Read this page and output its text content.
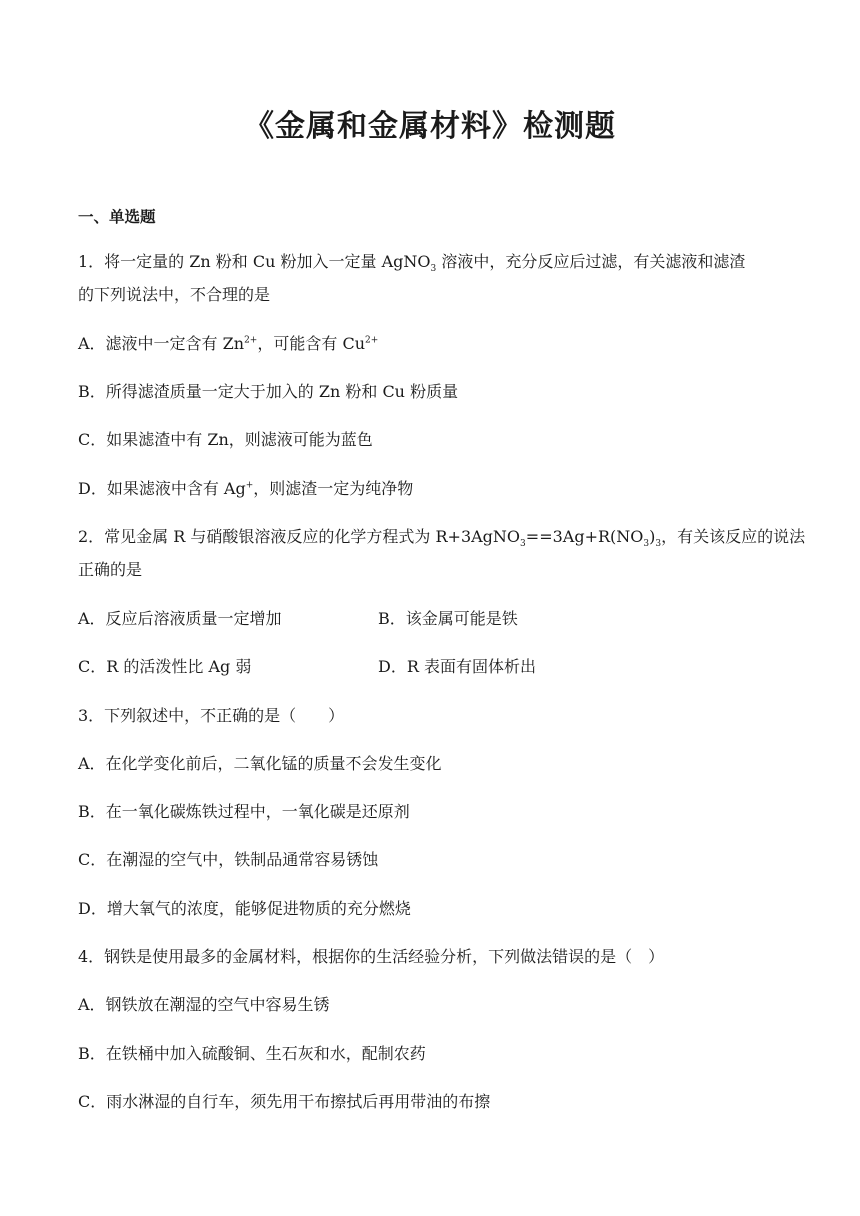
《金属和金属材料》检测题
一、单选题
1．将一定量的 Zn 粉和 Cu 粉加入一定量 AgNO$_3$ 溶液中，充分反应后过滤，有关滤液和滤渣
的下列说法中，不合理的是
A．滤液中一定含有 $Zn^{2+}$，可能含有 $Cu^{2+}$
B．所得滤渣质量一定大于加入的 Zn 粉和 Cu 粉质量
C．如果滤渣中有 Zn，则滤液可能为蓝色
D．如果滤液中含有 Ag+，则滤渣一定为纯净物
2．常见金属 R 与硝酸银溶液反应的化学方程式为 $R+3AgNO_3==3Ag+R(NO_3)_3$，有关该反应的说法
正确的是
A．反应后溶液质量一定增加	B．该金属可能是铁
C．R 的活泼性比 Ag 弱	D．R 表面有固体析出
3．下列叙述中，不正确的是（　　）
A．在化学变化前后，二氧化锰的质量不会发生变化
B．在一氧化碳炼铁过程中，一氧化碳是还原剂
C．在潮湿的空气中，铁制品通常容易锈蚀
D．增大氧气的浓度，能够促进物质的充分燃烧
4．钢铁是使用最多的金属材料，根据你的生活经验分析，下列做法错误的是（　）
A．钢铁放在潮湿的空气中容易生锈
B．在铁桶中加入硫酸铜、生石灰和水，配制农药
C．雨水淋湿的自行车，须先用干布擦拭后再用带油的布擦
